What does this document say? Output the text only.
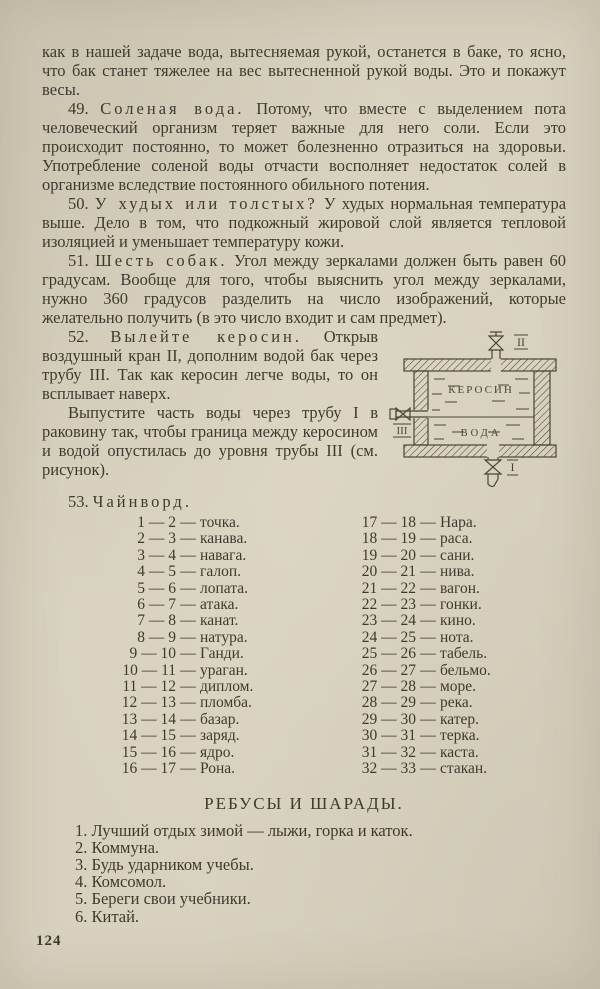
как в нашей задаче вода, вытесняемая рукой, останется в баке, то ясно, что бак станет тяжелее на вес вытесненной рукой воды. Это и покажут весы.

49. Соленая вода. Потому, что вместе с выделением пота человеческий организм теряет важные для него соли. Если это происходит постоянно, то может болезненно отразиться на здоровьи. Употребление соленой воды отчасти восполняет недостаток солей в организме вследствие постоянного обильного потения.

50. У худых или толстых? У худых нормальная температура выше. Дело в том, что подкожный жировой слой является тепловой изоляцией и уменьшает температуру кожи.

51. Шесть собак. Угол между зеркалами должен быть равен 60 градусам. Вообще для того, чтобы выяснить угол между зеркалами, нужно 360 градусов разделить на число изображений, которые желательно получить (в это число входит и сам предмет).

КЕРОСИН
ВОДА
II
III
I

52. Вылейте керосин. Открыв воздушный кран II, дополним водой бак через трубу III. Так как керосин легче воды, то он всплывает наверх.

Выпустите часть воды через трубу I в раковину так, чтобы граница между керосином и водой опустилась до уровня трубы III (см. рисунок).

53. Чайнворд.

1 — 2 — точка.
2 — 3 — канава.
3 — 4 — навага.
4 — 5 — галоп.
5 — 6 — лопата.
6 — 7 — атака.
7 — 8 — канат.
8 — 9 — натура.
9 — 10 — Ганди.
10 — 11 — ураган.
11 — 12 — диплом.
12 — 13 — пломба.
13 — 14 — базар.
14 — 15 — заряд.
15 — 16 — ядро.
16 — 17 — Рона.
17 — 18 — Нара.
18 — 19 — раса.
19 — 20 — сани.
20 — 21 — нива.
21 — 22 — вагон.
22 — 23 — гонки.
23 — 24 — кино.
24 — 25 — нота.
25 — 26 — табель.
26 — 27 — бельмо.
27 — 28 — море.
28 — 29 — река.
29 — 30 — катер.
30 — 31 — терка.
31 — 32 — каста.
32 — 33 — стакан.
РЕБУСЫ И ШАРАДЫ.
1. Лучший отдых зимой — лыжи, горка и каток.
2. Коммуна.
3. Будь ударником учебы.
4. Комсомол.
5. Береги свои учебники.
6. Китай.
124
